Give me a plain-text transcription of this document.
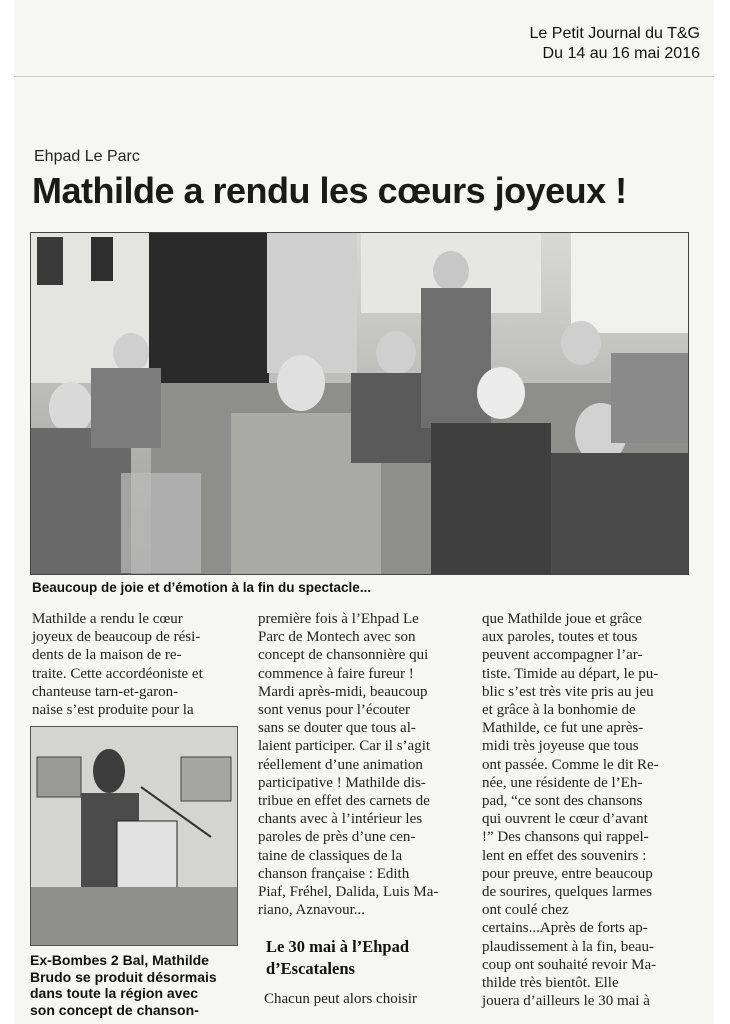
Le Petit Journal du T&G
Du 14 au 16 mai 2016
Ehpad Le Parc
Mathilde a rendu les cœurs joyeux !
Beaucoup de joie et d’émotion à la fin du spectacle...

Mathilde a rendu le cœur
joyeux de beaucoup de rési-
dents de la maison de re-
traite. Cette accordéoniste et
chanteuse tarn-et-garon-
naise s’est produite pour la

Ex-Bombes 2 Bal, Mathilde
Brudo se produit désormais
dans toute la région avec
son concept de chanson-

première fois à l’Ehpad Le
Parc de Montech avec son
concept de chansonnière qui
commence à faire fureur !
Mardi après-midi, beaucoup
sont venus pour l’écouter
sans se douter que tous al-
laient participer. Car il s’agit
réellement d’une animation
participative ! Mathilde dis-
tribue en effet des carnets de
chants avec à l’intérieur les
paroles de près d’une cen-
taine de classiques de la
chanson française : Edith
Piaf, Fréhel, Dalida, Luis Ma-
riano, Aznavour...

Le 30 mai à l’Ehpad
d’Escatalens

Chacun peut alors choisir

que Mathilde joue et grâce
aux paroles, toutes et tous
peuvent accompagner l’ar-
tiste. Timide au départ, le pu-
blic s’est très vite pris au jeu
et grâce à la bonhomie de
Mathilde, ce fut une après-
midi très joyeuse que tous
ont passée. Comme le dit Re-
née, une résidente de l’Eh-
pad, “ce sont des chansons
qui ouvrent le cœur d’avant
!” Des chansons qui rappel-
lent en effet des souvenirs :
pour preuve, entre beaucoup
de sourires, quelques larmes
ont coulé chez
certains...Après de forts ap-
plaudissement à la fin, beau-
coup ont souhaité revoir Ma-
thilde très bientôt. Elle
jouera d’ailleurs le 30 mai à
